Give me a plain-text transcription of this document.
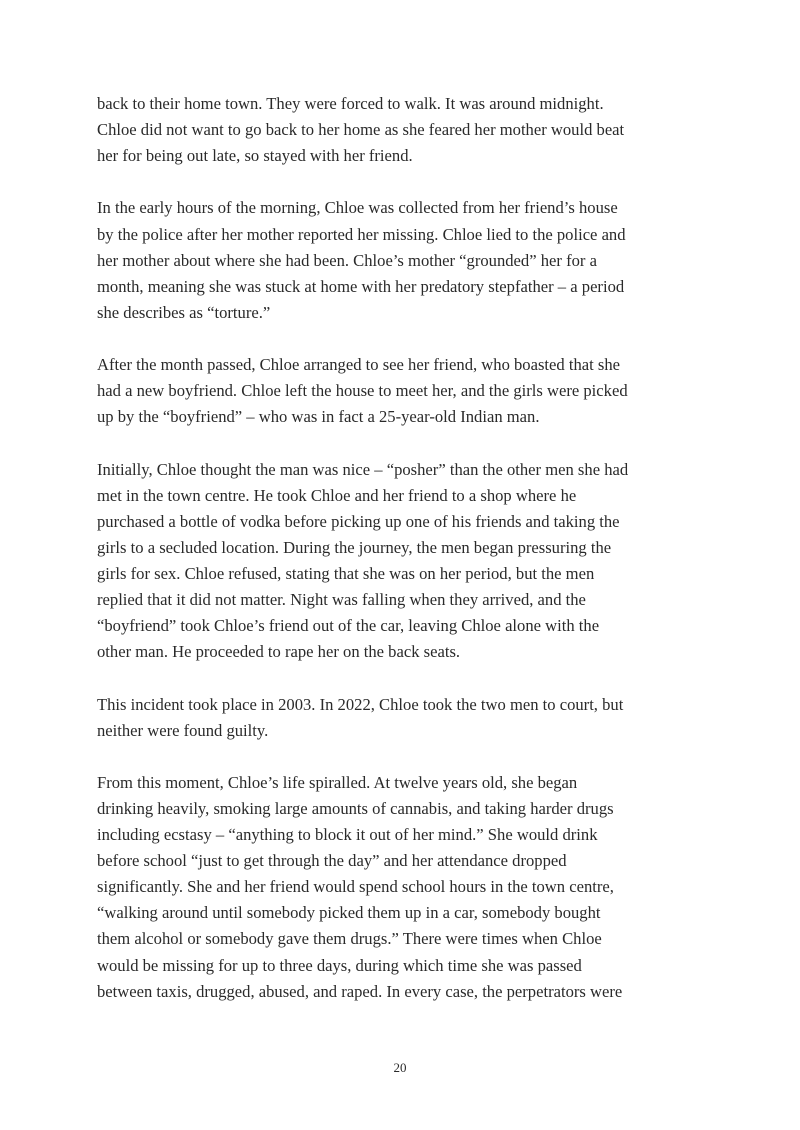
back to their home town. They were forced to walk. It was around midnight.
Chloe did not want to go back to her home as she feared her mother would beat
her for being out late, so stayed with her friend.

In the early hours of the morning, Chloe was collected from her friend’s house
by the police after her mother reported her missing. Chloe lied to the police and
her mother about where she had been. Chloe’s mother “grounded” her for a
month, meaning she was stuck at home with her predatory stepfather – a period
she describes as “torture.”

After the month passed, Chloe arranged to see her friend, who boasted that she
had a new boyfriend. Chloe left the house to meet her, and the girls were picked
up by the “boyfriend” – who was in fact a 25-year-old Indian man.

Initially, Chloe thought the man was nice – “posher” than the other men she had
met in the town centre. He took Chloe and her friend to a shop where he
purchased a bottle of vodka before picking up one of his friends and taking the
girls to a secluded location. During the journey, the men began pressuring the
girls for sex. Chloe refused, stating that she was on her period, but the men
replied that it did not matter. Night was falling when they arrived, and the
“boyfriend” took Chloe’s friend out of the car, leaving Chloe alone with the
other man. He proceeded to rape her on the back seats.

This incident took place in 2003. In 2022, Chloe took the two men to court, but
neither were found guilty.

From this moment, Chloe’s life spiralled. At twelve years old, she began
drinking heavily, smoking large amounts of cannabis, and taking harder drugs
including ecstasy – “anything to block it out of her mind.” She would drink
before school “just to get through the day” and her attendance dropped
significantly. She and her friend would spend school hours in the town centre,
“walking around until somebody picked them up in a car, somebody bought
them alcohol or somebody gave them drugs.” There were times when Chloe
would be missing for up to three days, during which time she was passed
between taxis, drugged, abused, and raped. In every case, the perpetrators were

20
